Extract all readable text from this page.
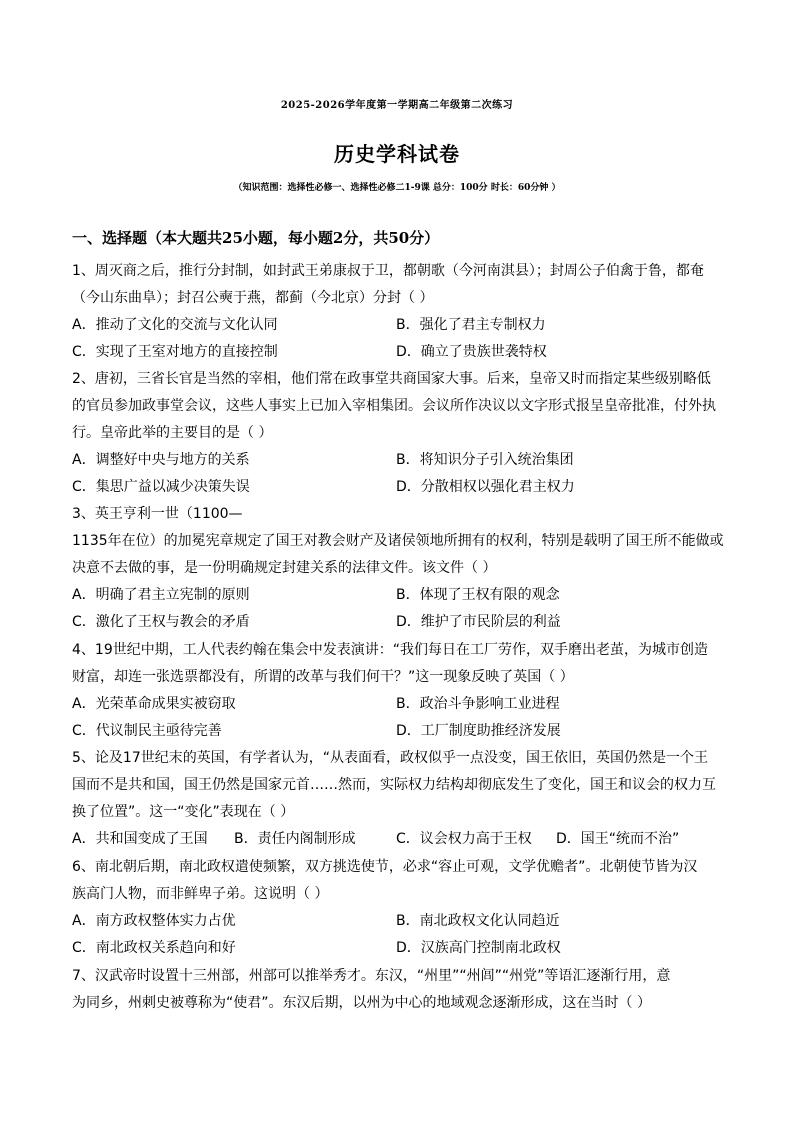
2025-2026学年度第一学期高二年级第二次练习
历史学科试卷
（知识范围：选择性必修一、选择性必修二1-9课 总分：100分 时长：60分钟 ）
一、选择题（本大题共25小题，每小题2分，共50分）
1、周灭商之后，推行分封制，如封武王弟康叔于卫，都朝歌（今河南淇县）；封周公子伯禽于鲁，都奄
（今山东曲阜）；封召公奭于燕，都蓟（今北京）分封（ ）
A．推动了文化的交流与文化认同	B．强化了君主专制权力
C．实现了王室对地方的直接控制	D．确立了贵族世袭特权
2、唐初，三省长官是当然的宰相，他们常在政事堂共商国家大事。后来，皇帝又时而指定某些级别略低
的官员参加政事堂会议，这些人事实上已加入宰相集团。会议所作决议以文字形式报呈皇帝批准，付外执
行。皇帝此举的主要目的是（ ）
A．调整好中央与地方的关系	B．将知识分子引入统治集团
C．集思广益以减少决策失误	D．分散相权以强化君主权力
3、英王亨利一世（1100—
1135年在位）的加冕宪章规定了国王对教会财产及诸侯领地所拥有的权利，特别是载明了国王所不能做或
决意不去做的事，是一份明确规定封建关系的法律文件。该文件（ ）
A．明确了君主立宪制的原则	B．体现了王权有限的观念
C．激化了王权与教会的矛盾	D．维护了市民阶层的利益
4、19世纪中期，工人代表约翰在集会中发表演讲：“我们每日在工厂劳作，双手磨出老茧，为城市创造
财富，却连一张选票都没有，所谓的改革与我们何干？”这一现象反映了英国（ ）
A．光荣革命成果实被窃取	B．政治斗争影响工业进程
C．代议制民主亟待完善	D．工厂制度助推经济发展
5、论及17世纪末的英国，有学者认为，“从表面看，政权似乎一点没变，国王依旧，英国仍然是一个王
国而不是共和国，国王仍然是国家元首……然而，实际权力结构却彻底发生了变化，国王和议会的权力互
换了位置”。这一“变化”表现在（ ）
A．共和国变成了王国 B．责任内阁制形成	C．议会权力高于王权 D．国王“统而不治”
6、南北朝后期，南北政权遣使频繁，双方挑选使节，必求“容止可观，文学优赡者”。北朝使节皆为汉
族高门人物，而非鲜卑子弟。这说明（ ）
A．南方政权整体实力占优	B．南北政权文化认同趋近
C．南北政权关系趋向和好	D．汉族高门控制南北政权
7、汉武帝时设置十三州部，州部可以推举秀才。东汉，“州里”“州闾”“州党”等语汇逐渐行用，意
为同乡，州刺史被尊称为“使君”。东汉后期，以州为中心的地域观念逐渐形成，这在当时（ ）
